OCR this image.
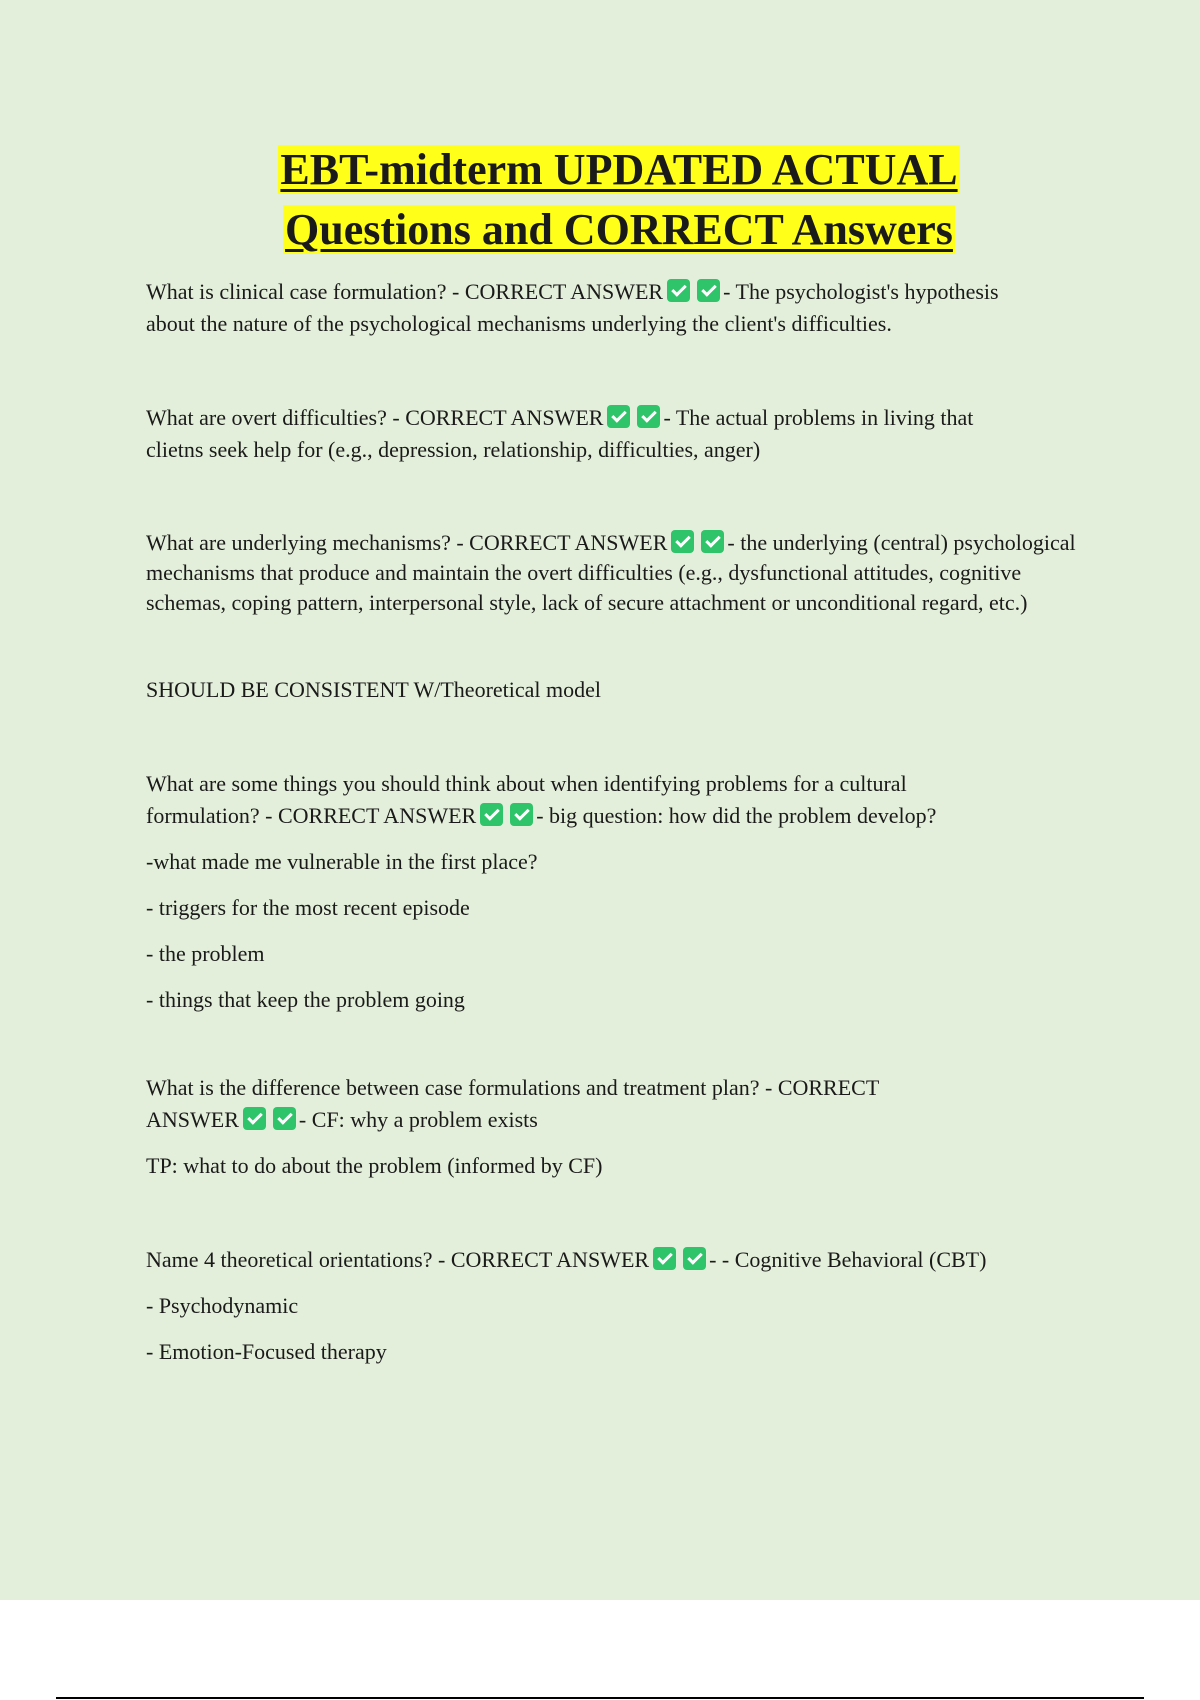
EBT-midterm UPDATED ACTUAL
Questions and CORRECT Answers

What is clinical case formulation? - CORRECT ANSWER	- The psychologist's hypothesis
about the nature of the psychological mechanisms underlying the client's difficulties.

What are overt difficulties? - CORRECT ANSWER	- The actual problems in living that
clietns seek help for (e.g., depression, relationship, difficulties, anger)

What are underlying mechanisms? - CORRECT ANSWER	- the underlying (central) psychological mechanisms that produce and maintain the overt difficulties (e.g., dysfunctional attitudes, cognitive schemas, coping pattern, interpersonal style, lack of secure attachment or unconditional regard, etc.)

SHOULD BE CONSISTENT W/Theoretical model

What are some things you should think about when identifying problems for a cultural
formulation? - CORRECT ANSWER	- big question: how did the problem develop?

-what made me vulnerable in the first place?

- triggers for the most recent episode

- the problem

- things that keep the problem going

What is the difference between case formulations and treatment plan? - CORRECT
ANSWER	- CF: why a problem exists

TP: what to do about the problem (informed by CF)

Name 4 theoretical orientations? - CORRECT ANSWER	- - Cognitive Behavioral (CBT)

- Psychodynamic

- Emotion-Focused therapy
